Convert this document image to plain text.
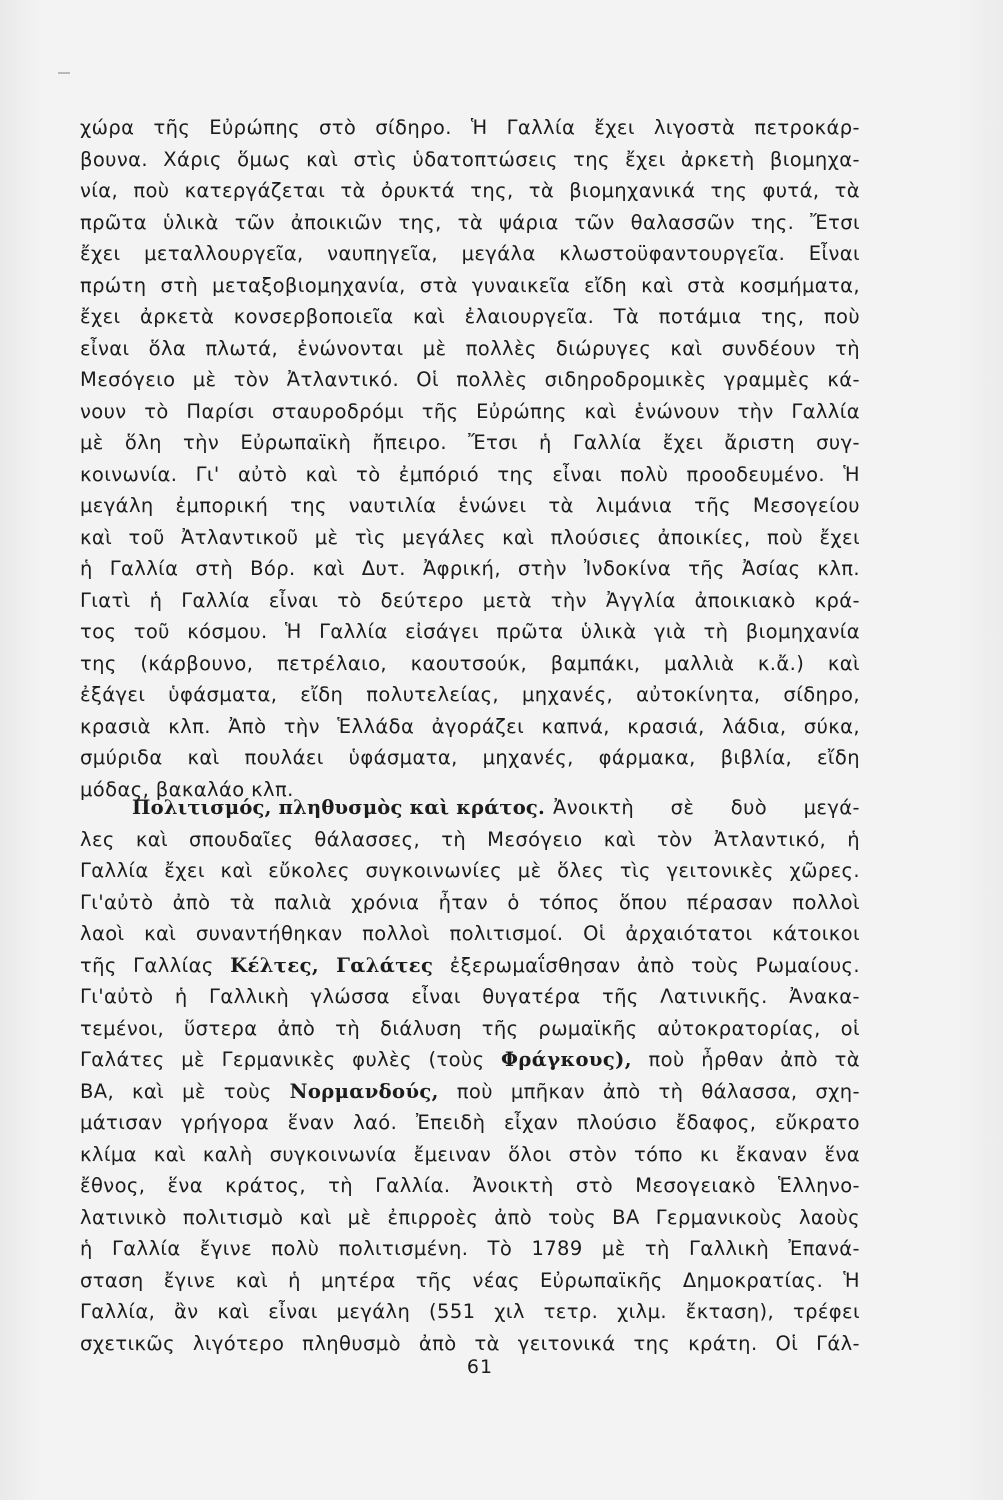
χώρα τῆς Εὐρώπης στὸ σίδηρο. Ἡ Γαλλία ἔχει λιγοστὰ πετροκάρ-
βουνα. Χάρις ὅμως καὶ στὶς ὑδατοπτώσεις της ἔχει ἀρκετὴ βιομηχα-
νία, ποὺ κατεργάζεται τὰ ὀρυκτά της, τὰ βιομηχανικά της φυτά, τὰ
πρῶτα ὑλικὰ τῶν ἀποικιῶν της, τὰ ψάρια τῶν θαλασσῶν της. Ἔτσι
ἔχει μεταλλουργεῖα, ναυπηγεῖα, μεγάλα κλωστοϋφαντουργεῖα. Εἶναι
πρώτη στὴ μεταξοβιομηχανία, στὰ γυναικεῖα εἴδη καὶ στὰ κοσμήματα,
ἔχει ἀρκετὰ κονσερβοποιεῖα καὶ ἐλαιουργεῖα. Τὰ ποτάμια της, ποὺ
εἶναι ὅλα πλωτά, ἑνώνονται μὲ πολλὲς διώρυγες καὶ συνδέουν τὴ
Μεσόγειο μὲ τὸν Ἀτλαντικό. Οἱ πολλὲς σιδηροδρομικὲς γραμμὲς κά-
νουν τὸ Παρίσι σταυροδρόμι τῆς Εὐρώπης καὶ ἑνώνουν τὴν Γαλλία
μὲ ὅλη τὴν Εὐρωπαϊκὴ ἤπειρο. Ἔτσι ἡ Γαλλία ἔχει ἄριστη συγ-
κοινωνία. Γι' αὐτὸ καὶ τὸ ἐμπόριό της εἶναι πολὺ προοδευμένο. Ἡ
μεγάλη ἐμπορική της ναυτιλία ἑνώνει τὰ λιμάνια τῆς Μεσογείου
καὶ τοῦ Ἀτλαντικοῦ μὲ τὶς μεγάλες καὶ πλούσιες ἀποικίες, ποὺ ἔχει
ἡ Γαλλία στὴ Βόρ. καὶ Δυτ. Ἀφρική, στὴν Ἰνδοκίνα τῆς Ἀσίας κλπ.
Γιατὶ ἡ Γαλλία εἶναι τὸ δεύτερο μετὰ τὴν Ἀγγλία ἀποικιακὸ κρά-
τος τοῦ κόσμου. Ἡ Γαλλία εἰσάγει πρῶτα ὑλικὰ γιὰ τὴ βιομηχανία
της (κάρβουνο, πετρέλαιο, καουτσούκ, βαμπάκι, μαλλιὰ κ.ἄ.) καὶ
ἐξάγει ὑφάσματα, εἴδη πολυτελείας, μηχανές, αὐτοκίνητα, σίδηρο,
κρασιὰ κλπ. Ἀπὸ τὴν Ἑλλάδα ἀγοράζει καπνά, κρασιά, λάδια, σύκα,
σμύριδα καὶ πουλάει ὑφάσματα, μηχανές, φάρμακα, βιβλία, εἴδη
μόδας, βακαλάο κλπ.
Πολιτισμός, πληθυσμὸς καὶ κράτος. Ἀνοικτὴ σὲ δυὸ μεγά-
λες καὶ σπουδαῖες θάλασσες, τὴ Μεσόγειο καὶ τὸν Ἀτλαντικό, ἡ
Γαλλία ἔχει καὶ εὔκολες συγκοινωνίες μὲ ὅλες τὶς γειτονικὲς χῶρες.
Γι'αὐτὸ ἀπὸ τὰ παλιὰ χρόνια ἦταν ὁ τόπος ὅπου πέρασαν πολλοὶ
λαοὶ καὶ συναντήθηκαν πολλοὶ πολιτισμοί. Οἱ ἀρχαιότατοι κάτοικοι
τῆς Γαλλίας Κέλτες, Γαλάτες ἐξερωμαΐσθησαν ἀπὸ τοὺς Ρωμαίους.
Γι'αὐτὸ ἡ Γαλλικὴ γλώσσα εἶναι θυγατέρα τῆς Λατινικῆς. Ἀνακα-
τεμένοι, ὕστερα ἀπὸ τὴ διάλυση τῆς ρωμαϊκῆς αὐτοκρατορίας, οἱ
Γαλάτες μὲ Γερμανικὲς φυλὲς (τοὺς Φράγκους), ποὺ ἦρθαν ἀπὸ τὰ
ΒΑ, καὶ μὲ τοὺς Νορμανδούς, ποὺ μπῆκαν ἀπὸ τὴ θάλασσα, σχη-
μάτισαν γρήγορα ἕναν λαό. Ἐπειδὴ εἶχαν πλούσιο ἔδαφος, εὔκρατο
κλίμα καὶ καλὴ συγκοινωνία ἔμειναν ὅλοι στὸν τόπο κι ἔκαναν ἕνα
ἔθνος, ἕνα κράτος, τὴ Γαλλία. Ἀνοικτὴ στὸ Μεσογειακὸ Ἑλληνο-
λατινικὸ πολιτισμὸ καὶ μὲ ἐπιρροὲς ἀπὸ τοὺς ΒΑ Γερμανικοὺς λαοὺς
ἡ Γαλλία ἔγινε πολὺ πολιτισμένη. Τὸ 1789 μὲ τὴ Γαλλικὴ Ἐπανά-
σταση ἔγινε καὶ ἡ μητέρα τῆς νέας Εὐρωπαϊκῆς Δημοκρατίας. Ἡ
Γαλλία, ἂν καὶ εἶναι μεγάλη (551 χιλ τετρ. χιλμ. ἔκταση), τρέφει
σχετικῶς λιγότερο πληθυσμὸ ἀπὸ τὰ γειτονικά της κράτη. Οἱ Γάλ-
61
